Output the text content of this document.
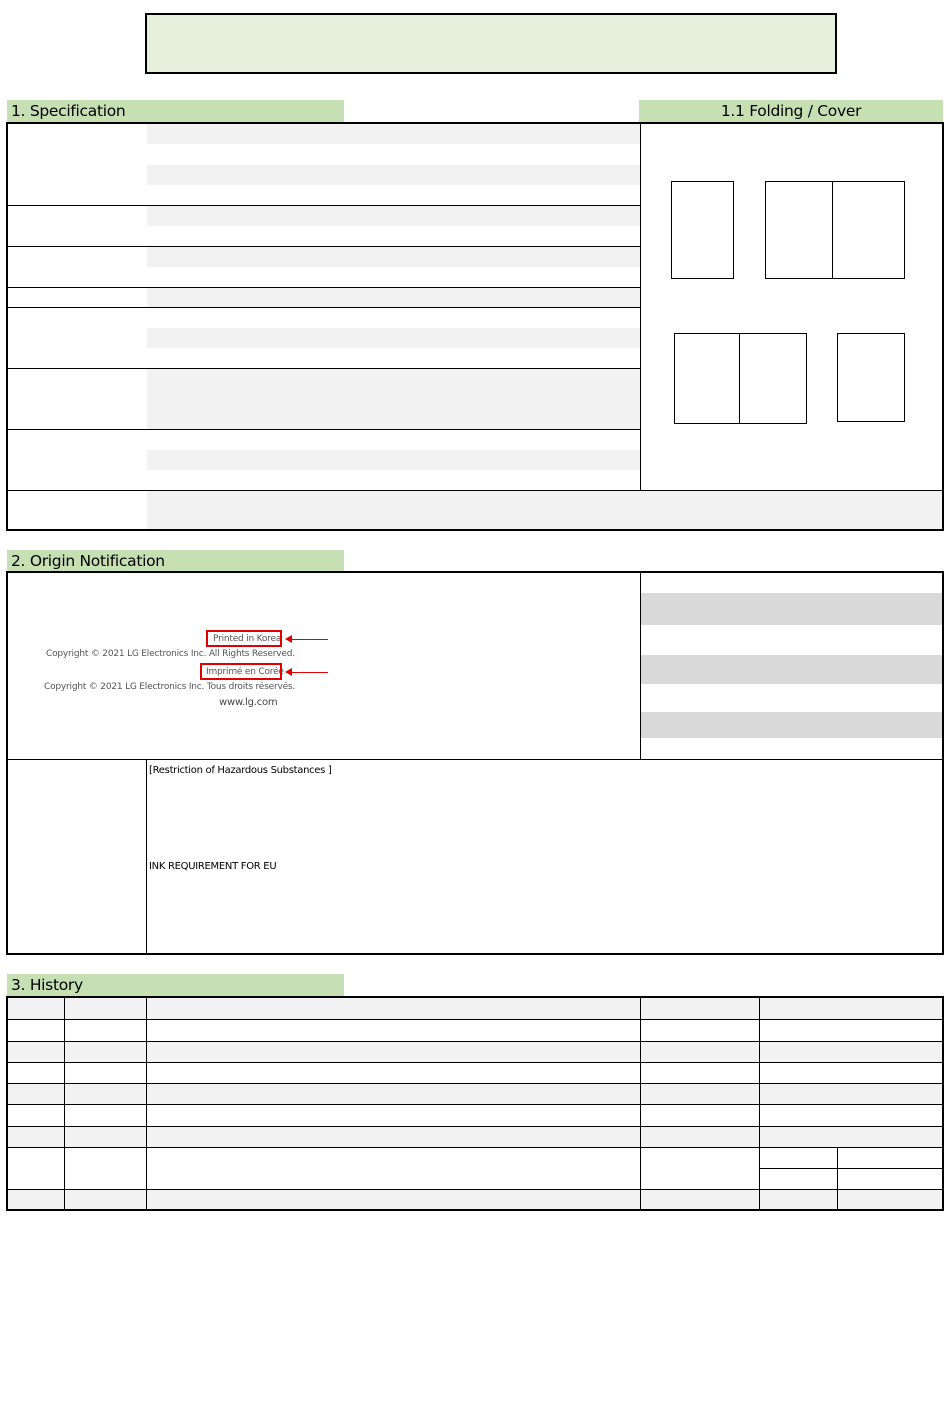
1. Specification	1.1 Folding / Cover
2. Origin Notification
Printed in Korea
Copyright © 2021 LG Electronics Inc. All Rights Reserved.
Imprimé en Corée
Copyright © 2021 LG Electronics Inc. Tous droits réservés.
www.lg.com
[Restriction of Hazardous Substances ]
INK REQUIREMENT FOR EU
3. History
